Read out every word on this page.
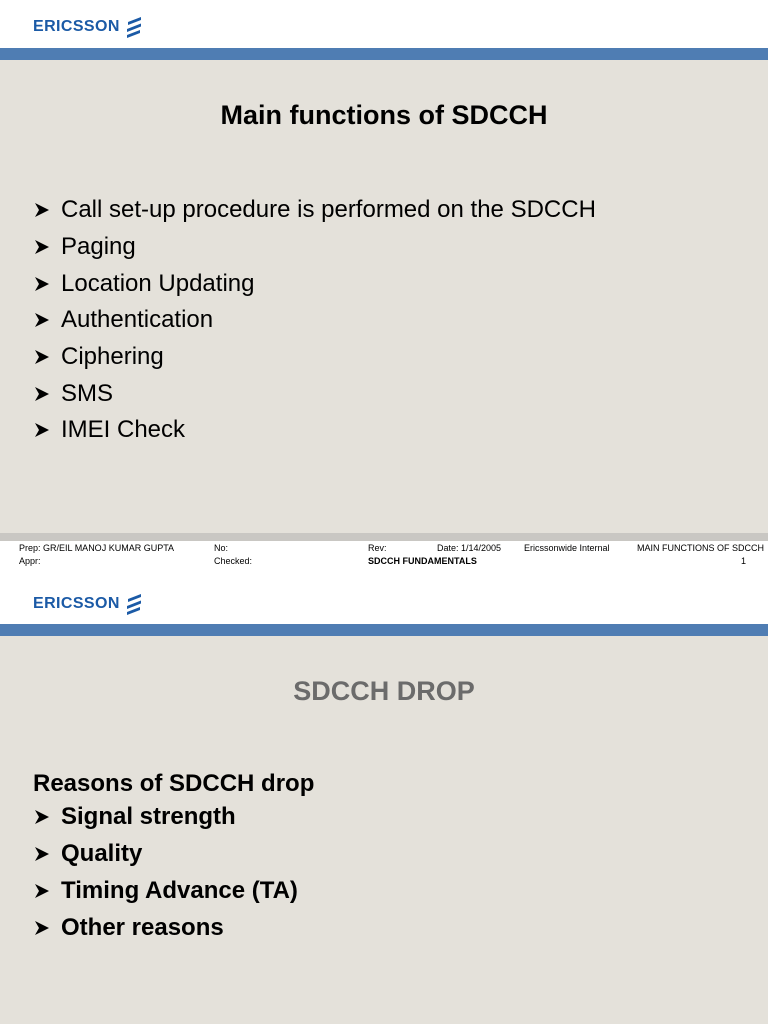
ERICSSON
Main functions of SDCCH
Call set-up procedure is performed on the SDCCH
Paging
Location Updating
Authentication
Ciphering
SMS
IMEI Check
Prep: GR/EIL MANOJ KUMAR GUPTA	No:	Rev:	Date: 1/14/2005	Ericssonwide Internal	MAIN FUNCTIONS OF SDCCH
Appr:	Checked:	SDCCH FUNDAMENTALS	1
ERICSSON
SDCCH DROP
Reasons of SDCCH drop
Signal strength
Quality
Timing Advance (TA)
Other reasons
